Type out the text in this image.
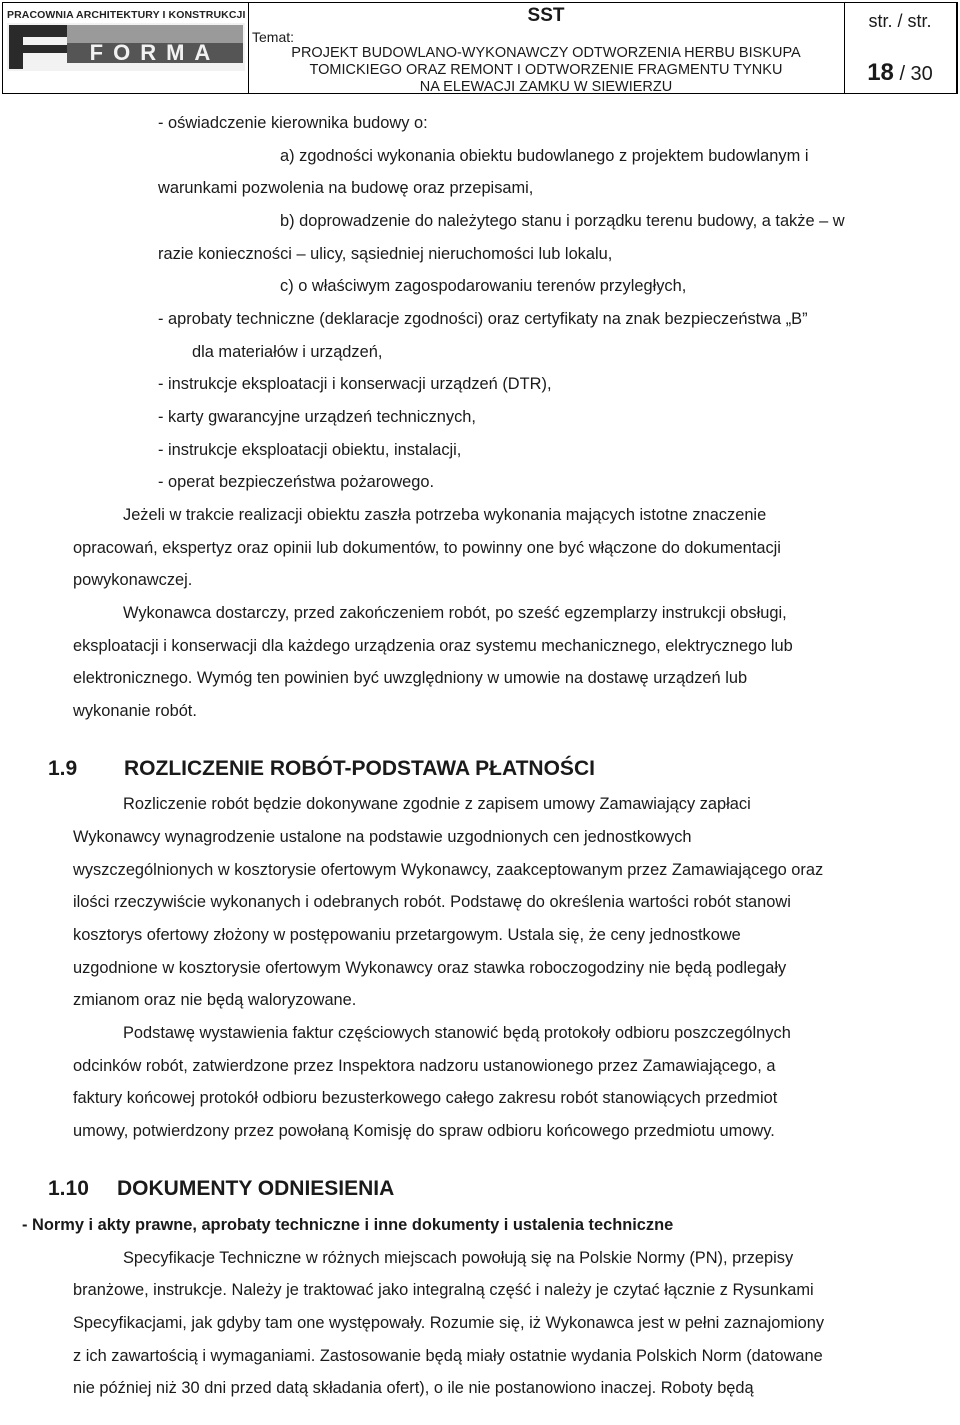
PRACOWNIA ARCHITEKTURY I KONSTRUKCJI
FORMA
Temat:
SST
PROJEKT BUDOWLANO-WYKONAWCZY ODTWORZENIA HERBU BISKUPA
TOMICKIEGO ORAZ REMONT I ODTWORZENIE FRAGMENTU TYNKU
NA ELEWACJI ZAMKU W SIEWIERZU
str. / str.
18 / 30
- oświadczenie kierownika budowy o:
a) zgodności wykonania obiektu budowlanego z projektem budowlanym i
warunkami pozwolenia na budowę oraz przepisami,
b) doprowadzenie do należytego stanu i porządku terenu budowy, a także – w
razie konieczności – ulicy, sąsiedniej nieruchomości lub lokalu,
c) o właściwym zagospodarowaniu terenów przyległych,
- aprobaty techniczne (deklaracje zgodności) oraz certyfikaty na znak bezpieczeństwa „B”
dla materiałów i urządzeń,
- instrukcje eksploatacji i konserwacji urządzeń (DTR),
- karty gwarancyjne urządzeń technicznych,
- instrukcje eksploatacji obiektu, instalacji,
- operat bezpieczeństwa pożarowego.
Jeżeli w trakcie realizacji obiektu zaszła potrzeba wykonania mających istotne znaczenie
opracowań, ekspertyz oraz opinii lub dokumentów, to powinny one być włączone do dokumentacji
powykonawczej.
Wykonawca dostarczy, przed zakończeniem robót, po sześć egzemplarzy instrukcji obsługi,
eksploatacji i konserwacji dla każdego urządzenia oraz systemu mechanicznego, elektrycznego lub
elektronicznego. Wymóg ten powinien być uwzględniony w umowie na dostawę urządzeń lub
wykonanie robót.
1.9 ROZLICZENIE ROBÓT-PODSTAWA PŁATNOŚCI
Rozliczenie robót będzie dokonywane zgodnie z zapisem umowy Zamawiający zapłaci
Wykonawcy wynagrodzenie ustalone na podstawie uzgodnionych cen jednostkowych
wyszczególnionych w kosztorysie ofertowym Wykonawcy, zaakceptowanym przez Zamawiającego oraz
ilości rzeczywiście wykonanych i odebranych robót. Podstawę do określenia wartości robót stanowi
kosztorys ofertowy złożony w postępowaniu przetargowym. Ustala się, że ceny jednostkowe
uzgodnione w kosztorysie ofertowym Wykonawcy oraz stawka roboczogodziny nie będą podlegały
zmianom oraz nie będą waloryzowane.
Podstawę wystawienia faktur częściowych stanowić będą protokoły odbioru poszczególnych
odcinków robót, zatwierdzone przez Inspektora nadzoru ustanowionego przez Zamawiającego, a
faktury końcowej protokół odbioru bezusterkowego całego zakresu robót stanowiących przedmiot
umowy, potwierdzony przez powołaną Komisję do spraw odbioru końcowego przedmiotu umowy.
1.10 DOKUMENTY ODNIESIENIA
- Normy i akty prawne, aprobaty techniczne i inne dokumenty i ustalenia techniczne
Specyfikacje Techniczne w różnych miejscach powołują się na Polskie Normy (PN), przepisy
branżowe, instrukcje. Należy je traktować jako integralną część i należy je czytać łącznie z Rysunkami
Specyfikacjami, jak gdyby tam one występowały. Rozumie się, iż Wykonawca jest w pełni zaznajomiony
z ich zawartością i wymaganiami. Zastosowanie będą miały ostatnie wydania Polskich Norm (datowane
nie później niż 30 dni przed datą składania ofert), o ile nie postanowiono inaczej. Roboty będą
